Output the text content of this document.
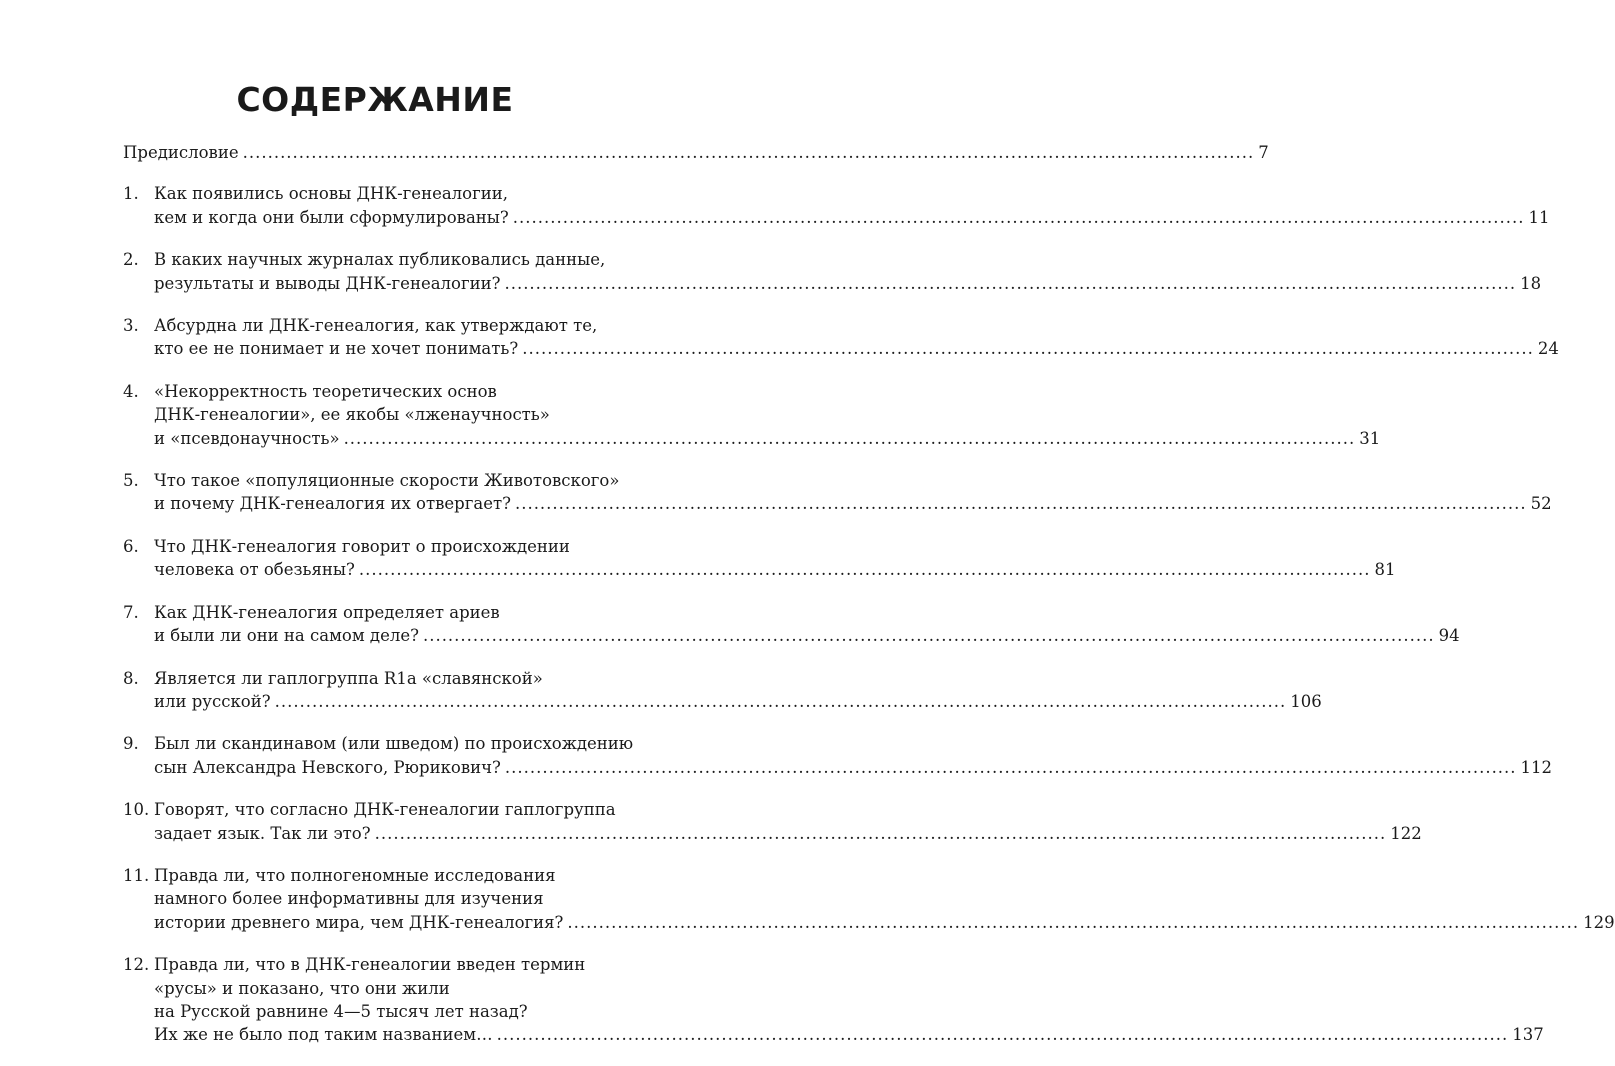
СОДЕРЖАНИЕ
Предисловие .................................................................................................................................................................. 7
1. Как появились основы ДНК-генеалогии,
кем и когда они были сформулированы? .................................................................................................................................................................. 11
2. В каких научных журналах публиковались данные,
результаты и выводы ДНК-генеалогии? .................................................................................................................................................................. 18
3. Абсурдна ли ДНК-генеалогия, как утверждают те,
кто ее не понимает и не хочет понимать? .................................................................................................................................................................. 24
4. «Некорректность теоретических основ
ДНК-генеалогии», ее якобы «лженаучность»
и «псевдонаучность» .................................................................................................................................................................. 31
5. Что такое «популяционные скорости Животовского»
и почему ДНК-генеалогия их отвергает? .................................................................................................................................................................. 52
6. Что ДНК-генеалогия говорит о происхождении
человека от обезьяны? .................................................................................................................................................................. 81
7. Как ДНК-генеалогия определяет ариев
и были ли они на самом деле? .................................................................................................................................................................. 94
8. Является ли гаплогруппа R1a «славянской»
или русской? .................................................................................................................................................................. 106
9. Был ли скандинавом (или шведом) по происхождению
сын Александра Невского, Рюрикович? .................................................................................................................................................................. 112
10. Говорят, что согласно ДНК-генеалогии гаплогруппа
задает язык. Так ли это? .................................................................................................................................................................. 122
11. Правда ли, что полногеномные исследования
намного более информативны для изучения
истории древнего мира, чем ДНК-генеалогия? .................................................................................................................................................................. 129
12. Правда ли, что в ДНК-генеалогии введен термин
«русы» и показано, что они жили
на Русской равнине 4—5 тысяч лет назад?
Их же не было под таким названием… .................................................................................................................................................................. 137
